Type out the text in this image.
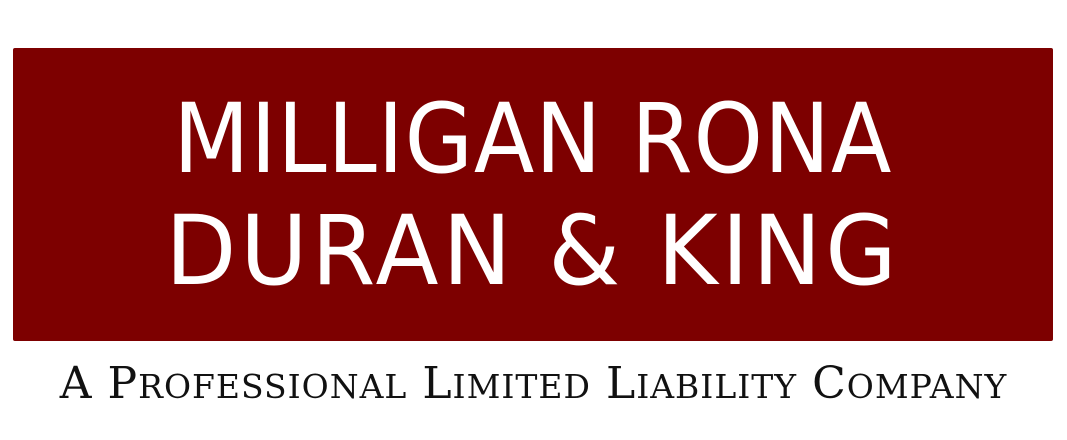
MILLIGAN RONA
DURAN & KING
A PROFESSIONAL LIMITED LIABILITY COMPANY
